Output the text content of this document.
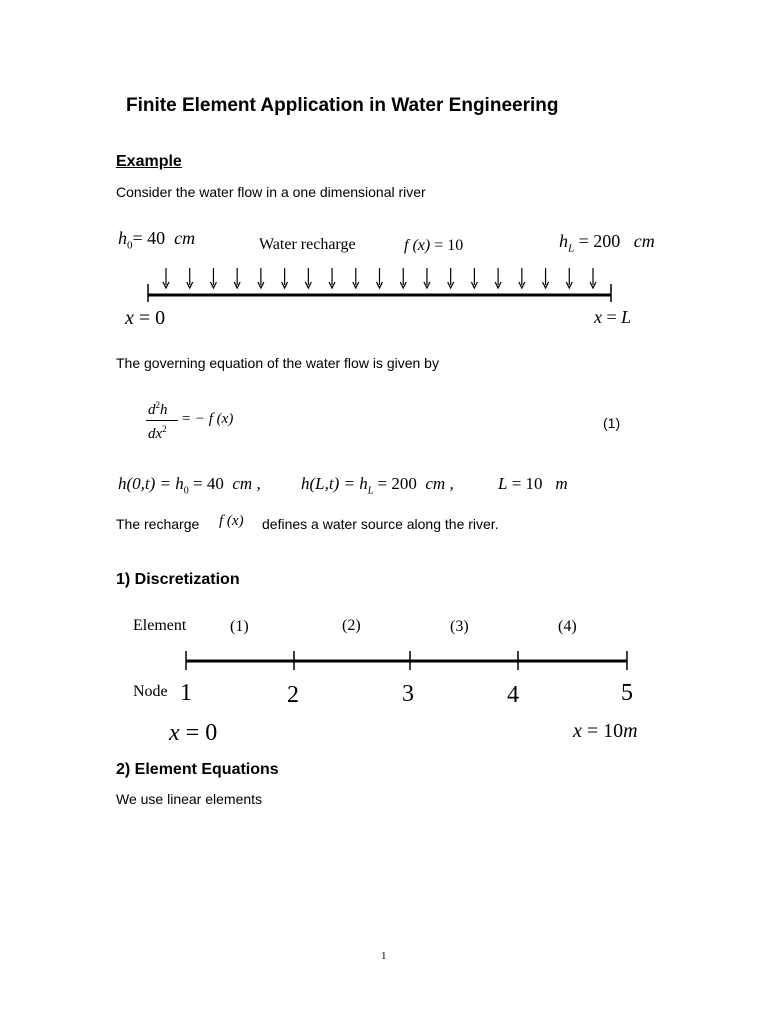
Finite Element Application in Water Engineering
Example
Consider the water flow in a one dimensional river
$h_0= 40$ cm	Water recharge	f (x) = 10	$h_L = 200$ cm
x = 0	x = L
The governing equation of the water flow is given by
$d^2h$
$dx^2$
= − f (x)	(1)
$h(0,t) = h_0 = 40$ cm , $h(L,t) = h_L = 200$ cm ,	L = 10 m
The recharge f (x) defines a water source along the river.
1) Discretization
Element	(1)	(2)	(3)	(4)
Node 1	2	3	4	5
x = 0	x = 10m
2) Element Equations
We use linear elements
1
